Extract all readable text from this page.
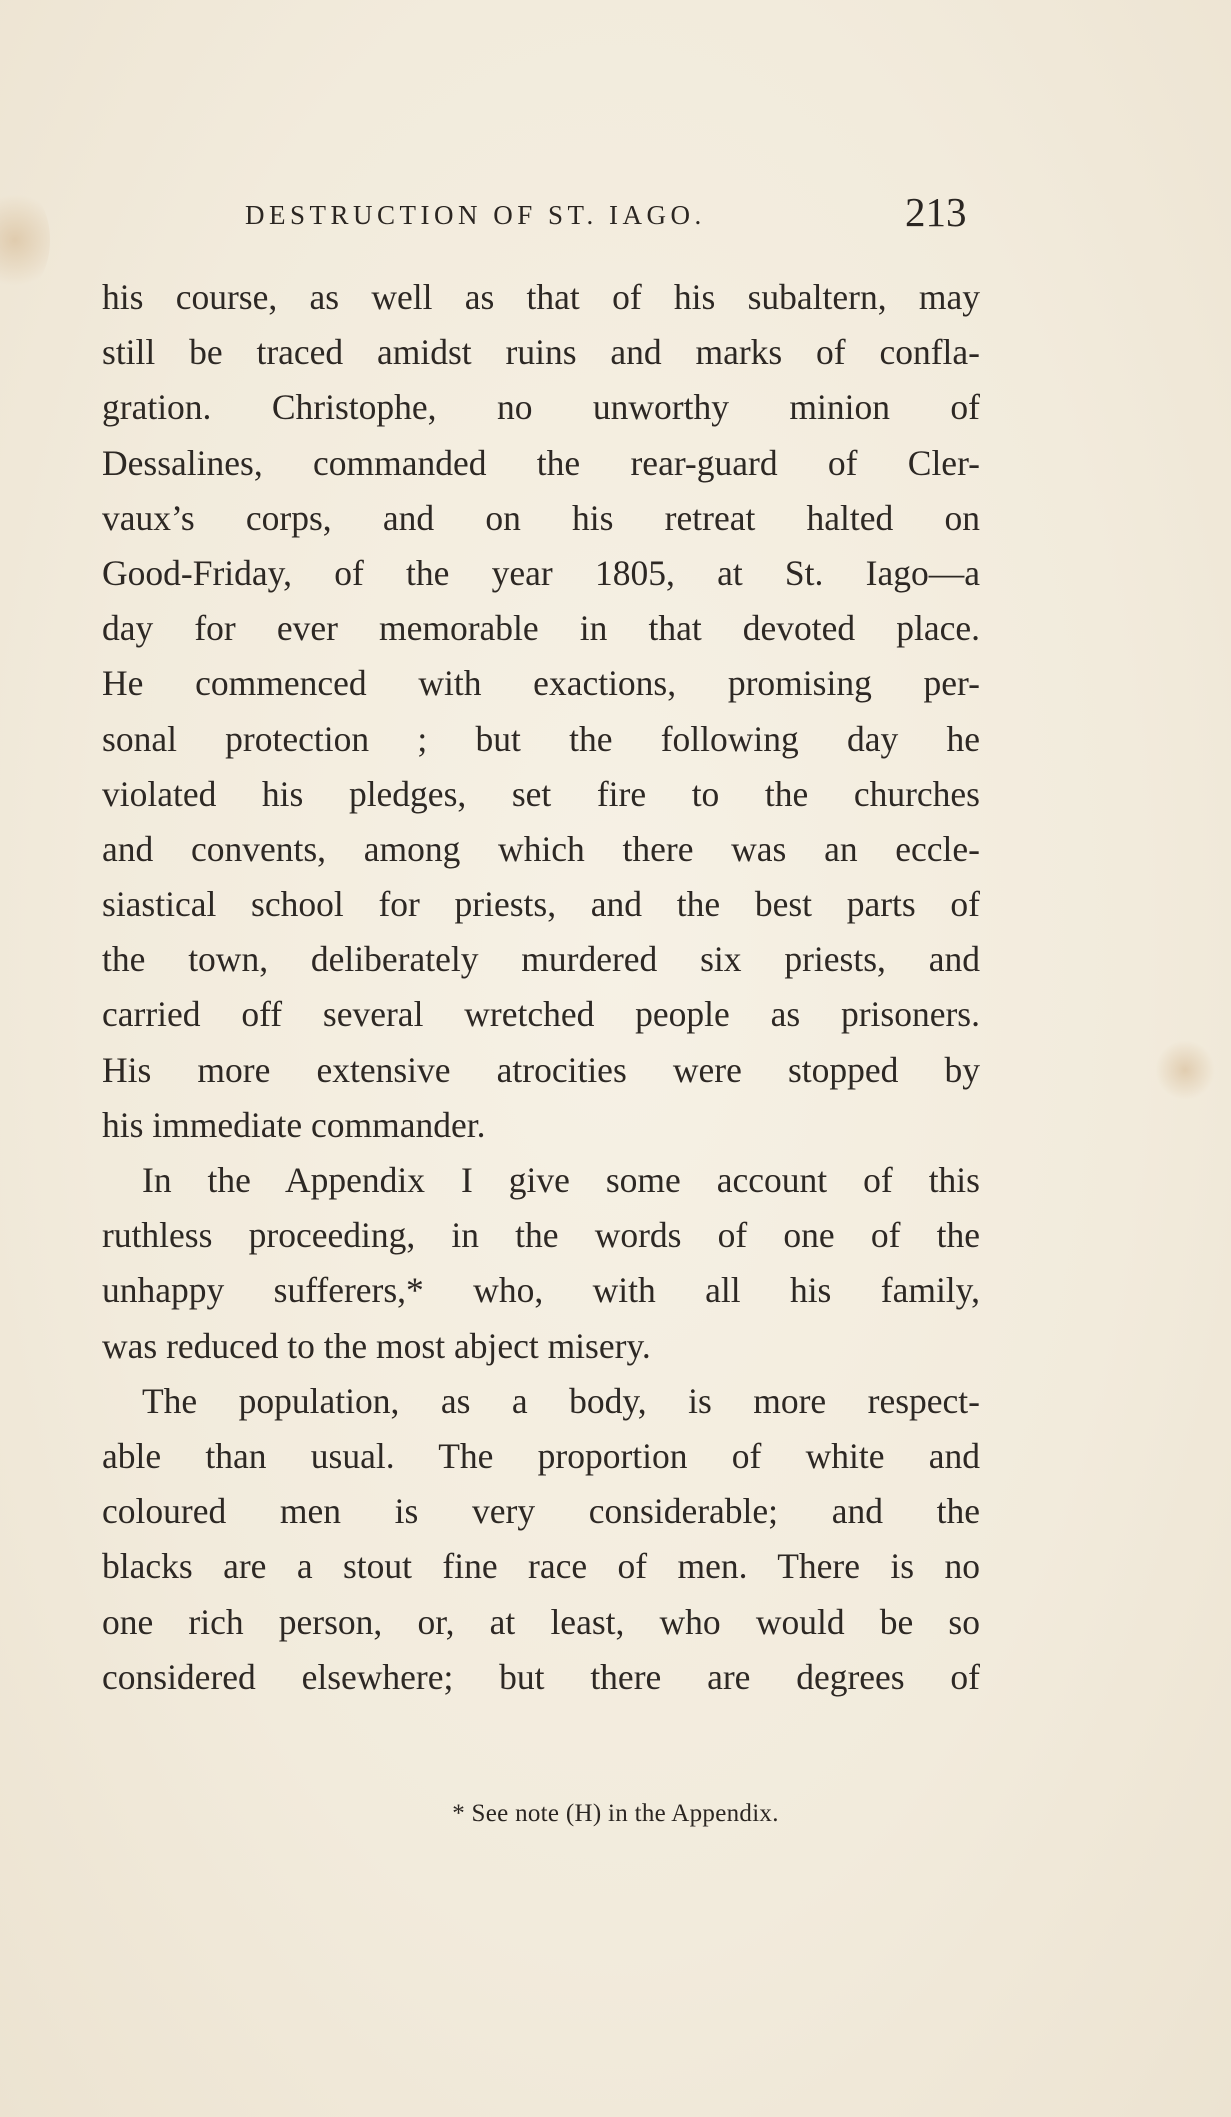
DESTRUCTION OF ST. IAGO.	213

his course, as well as that of his subaltern, may
still be traced amidst ruins and marks of confla-
gration. Christophe, no unworthy minion of
Dessalines, commanded the rear-guard of Cler-
vaux’s corps, and on his retreat halted on
Good-Friday, of the year 1805, at St. Iago—a
day for ever memorable in that devoted place.
He commenced with exactions, promising per-
sonal protection ; but the following day he
violated his pledges, set fire to the churches
and convents, among which there was an eccle-
siastical school for priests, and the best parts of
the town, deliberately murdered six priests, and
carried off several wretched people as prisoners.
His more extensive atrocities were stopped by
his immediate commander.

In the Appendix I give some account of this
ruthless proceeding, in the words of one of the
unhappy sufferers,* who, with all his family,
was reduced to the most abject misery.

The population, as a body, is more respect-
able than usual. The proportion of white and
coloured men is very considerable; and the
blacks are a stout fine race of men. There is no
one rich person, or, at least, who would be so
considered elsewhere; but there are degrees of

* See note (H) in the Appendix.
